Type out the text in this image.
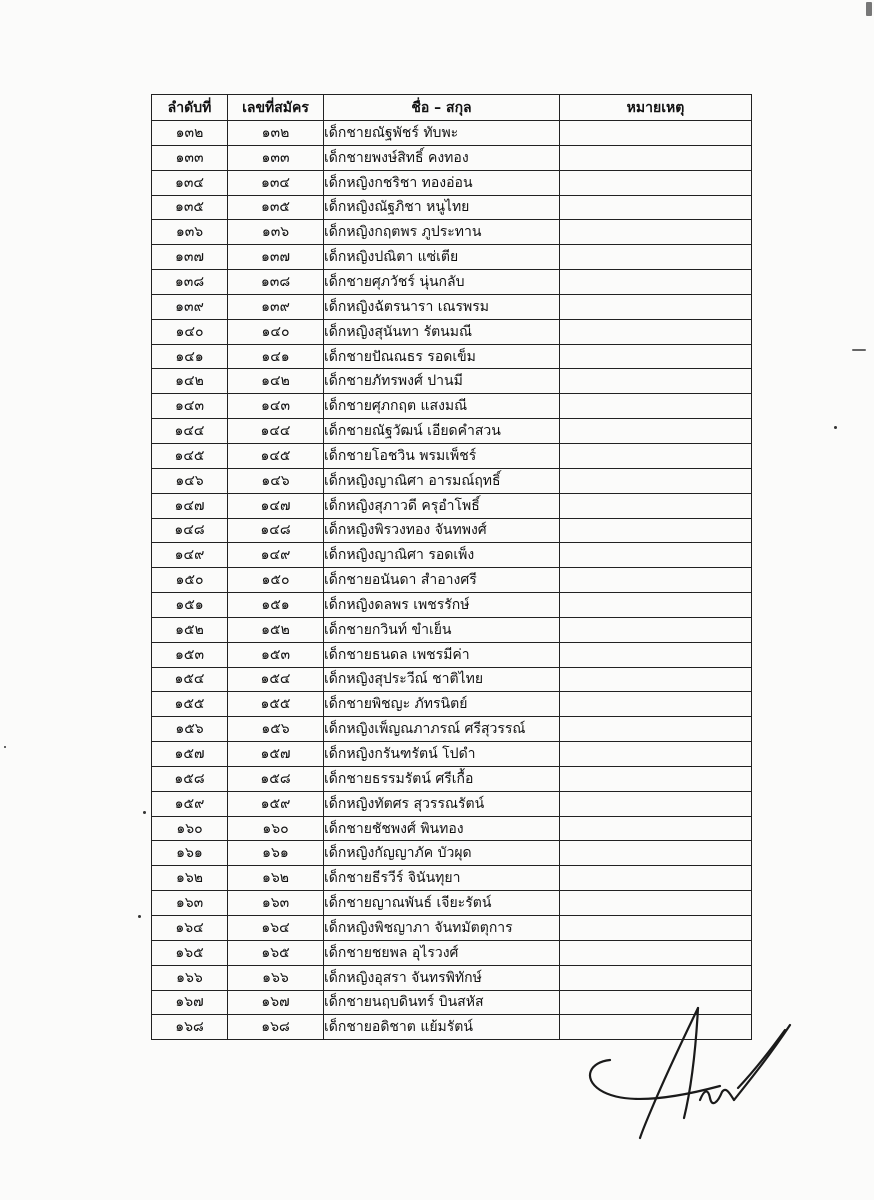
ลำดับที่	เลขที่สมัคร	ชื่อ – สกุล	หมายเหตุ
๑๓๒	๑๓๒	เด็กชายณัฐพัชร์ ทับพะ	
๑๓๓	๑๓๓	เด็กชายพงษ์สิทธิ์ คงทอง	
๑๓๔	๑๓๔	เด็กหญิงกชริชา ทองอ่อน	
๑๓๕	๑๓๕	เด็กหญิงณัฐภิชา หนูไทย	
๑๓๖	๑๓๖	เด็กหญิงกฤตพร ภูประทาน	
๑๓๗	๑๓๗	เด็กหญิงปณิตา แซ่เตีย	
๑๓๘	๑๓๘	เด็กชายศุภวัชร์ นุ่นกลับ	
๑๓๙	๑๓๙	เด็กหญิงฉัตรนารา เณรพรม	
๑๔๐	๑๔๐	เด็กหญิงสุนันทา รัตนมณี	
๑๔๑	๑๔๑	เด็กชายปัณณธร รอดเข็ม	
๑๔๒	๑๔๒	เด็กชายภัทรพงศ์ ปานมี	
๑๔๓	๑๔๓	เด็กชายศุภกฤต แสงมณี	
๑๔๔	๑๔๔	เด็กชายณัฐวัฒน์ เอียดคำสวน	
๑๔๕	๑๔๕	เด็กชายโอชวิน พรมเพ็ชร์	
๑๔๖	๑๔๖	เด็กหญิงญาณิศา อารมณ์ฤทธิ์	
๑๔๗	๑๔๗	เด็กหญิงสุภาวดี ครุอำโพธิ์	
๑๔๘	๑๔๘	เด็กหญิงพิรวงทอง จันทพงศ์	
๑๔๙	๑๔๙	เด็กหญิงญาณิศา รอดเพ็ง	
๑๕๐	๑๕๐	เด็กชายอนันดา สำอางศรี	
๑๕๑	๑๕๑	เด็กหญิงดลพร เพชรรักษ์	
๑๕๒	๑๕๒	เด็กชายกวินท์ ขำเย็น	
๑๕๓	๑๕๓	เด็กชายธนดล เพชรมีค่า	
๑๕๔	๑๕๔	เด็กหญิงสุประวีณ์ ชาติไทย	
๑๕๕	๑๕๕	เด็กชายพิชญะ ภัทรนิตย์	
๑๕๖	๑๕๖	เด็กหญิงเพ็ญณภาภรณ์ ศรีสุวรรณ์	
๑๕๗	๑๕๗	เด็กหญิงกรันฑรัตน์ โปดำ	
๑๕๘	๑๕๘	เด็กชายธรรมรัตน์ ศรีเกื้อ	
๑๕๙	๑๕๙	เด็กหญิงทัตศร สุวรรณรัตน์	
๑๖๐	๑๖๐	เด็กชายชัชพงศ์ พินทอง	
๑๖๑	๑๖๑	เด็กหญิงกัญญาภัค บัวผุด	
๑๖๒	๑๖๒	เด็กชายธีรวีร์ จินันทุยา	
๑๖๓	๑๖๓	เด็กชายญาณพันธ์ เจียะรัตน์	
๑๖๔	๑๖๔	เด็กหญิงพิชญาภา จันทมัตตุการ	
๑๖๕	๑๖๕	เด็กชายชยพล อุไรวงศ์	
๑๖๖	๑๖๖	เด็กหญิงอุสรา จันทรพิทักษ์	
๑๖๗	๑๖๗	เด็กชายนฤบดินทร์ บินสหัส	
๑๖๘	๑๖๘	เด็กชายอดิชาต แย้มรัตน์	
